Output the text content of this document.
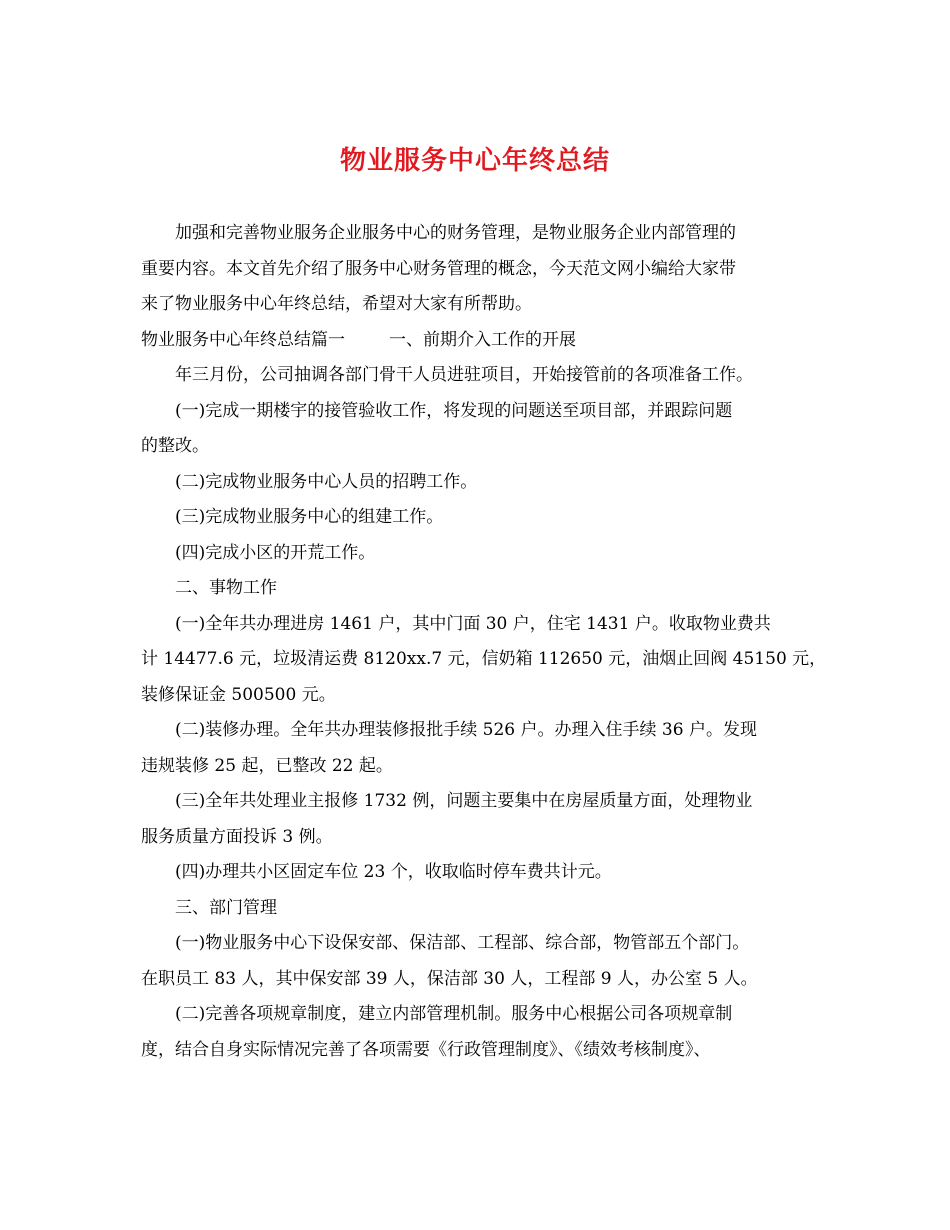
物业服务中心年终总结
加强和完善物业服务企业服务中心的财务管理，是物业服务企业内部管理的
重要内容。本文首先介绍了服务中心财务管理的概念，今天范文网小编给大家带
来了物业服务中心年终总结，希望对大家有所帮助。
物业服务中心年终总结篇一	一、前期介入工作的开展
年三月份，公司抽调各部门骨干人员进驻项目，开始接管前的各项准备工作。
(一)完成一期楼宇的接管验收工作，将发现的问题送至项目部，并跟踪问题
的整改。
(二)完成物业服务中心人员的招聘工作。
(三)完成物业服务中心的组建工作。
(四)完成小区的开荒工作。
二、事物工作
(一)全年共办理进房 1461 户，其中门面 30 户，住宅 1431 户。收取物业费共
计 14477.6 元，垃圾清运费 8120xx.7 元，信奶箱 112650 元，油烟止回阀 45150 元，
装修保证金 500500 元。
(二)装修办理。全年共办理装修报批手续 526 户。办理入住手续 36 户。发现
违规装修 25 起，已整改 22 起。
(三)全年共处理业主报修 1732 例，问题主要集中在房屋质量方面，处理物业
服务质量方面投诉 3 例。
(四)办理共小区固定车位 23 个，收取临时停车费共计元。
三、部门管理
(一)物业服务中心下设保安部、保洁部、工程部、综合部，物管部五个部门。
在职员工 83 人，其中保安部 39 人，保洁部 30 人，工程部 9 人，办公室 5 人。
(二)完善各项规章制度，建立内部管理机制。服务中心根据公司各项规章制
度，结合自身实际情况完善了各项需要《行政管理制度》、《绩效考核制度》、
